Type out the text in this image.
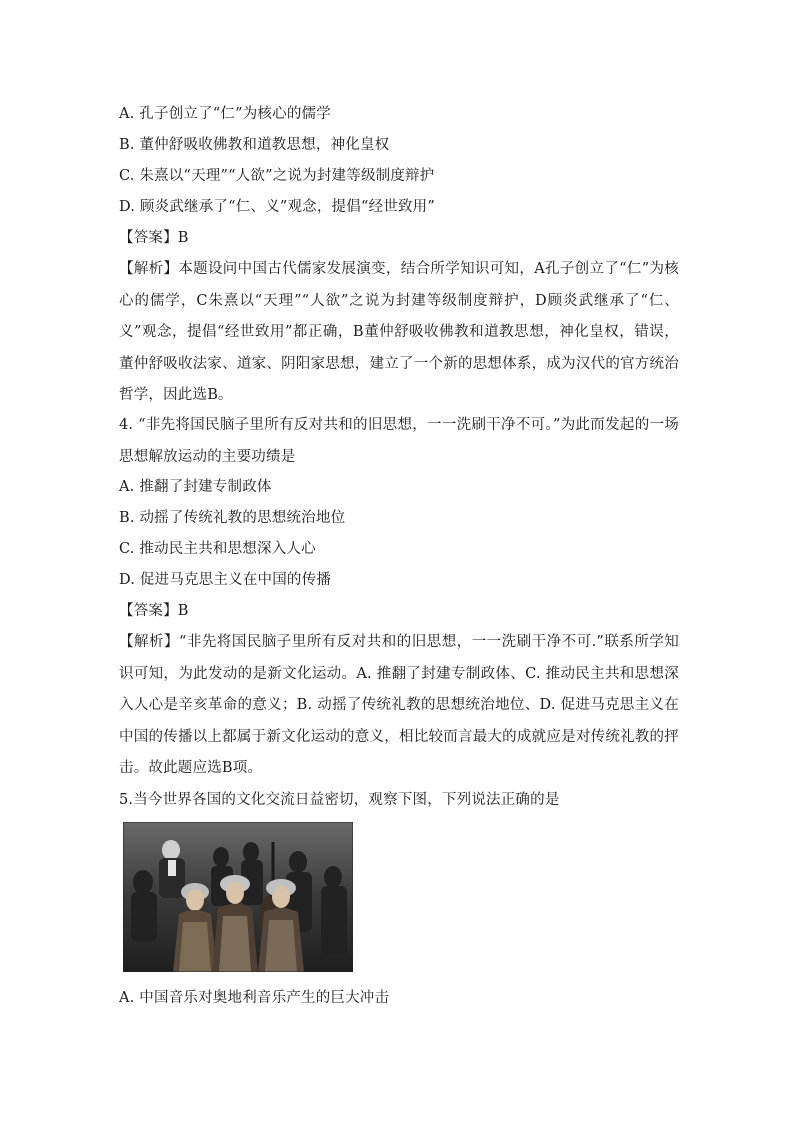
A. 孔子创立了“仁”为核心的儒学
B. 董仲舒吸收佛教和道教思想，神化皇权
C. 朱熹以“天理”“人欲”之说为封建等级制度辩护
D. 顾炎武继承了“仁、义”观念，提倡“经世致用”
【答案】B
【解析】本题设问中国古代儒家发展演变，结合所学知识可知，A孔子创立了“仁”为核心的儒学，C朱熹以“天理”“人欲”之说为封建等级制度辩护，D顾炎武继承了“仁、义”观念，提倡“经世致用”都正确，B董仲舒吸收佛教和道教思想，神化皇权，错误，董仲舒吸收法家、道家、阴阳家思想，建立了一个新的思想体系，成为汉代的官方统治哲学，因此选B。
4. “非先将国民脑子里所有反对共和的旧思想，一一洗刷干净不可。”为此而发起的一场思想解放运动的主要功绩是
A. 推翻了封建专制政体
B. 动摇了传统礼教的思想统治地位
C. 推动民主共和思想深入人心
D. 促进马克思主义在中国的传播
【答案】B
【解析】“非先将国民脑子里所有反对共和的旧思想，一一洗刷干净不可.”联系所学知识可知，为此发动的是新文化运动。A. 推翻了封建专制政体、C. 推动民主共和思想深入人心是辛亥革命的意义；B. 动摇了传统礼教的思想统治地位、D. 促进马克思主义在中国的传播以上都属于新文化运动的意义，相比较而言最大的成就应是对传统礼教的抨击。故此题应选B项。
5.当今世界各国的文化交流日益密切，观察下图，下列说法正确的是
A. 中国音乐对奥地利音乐产生的巨大冲击
